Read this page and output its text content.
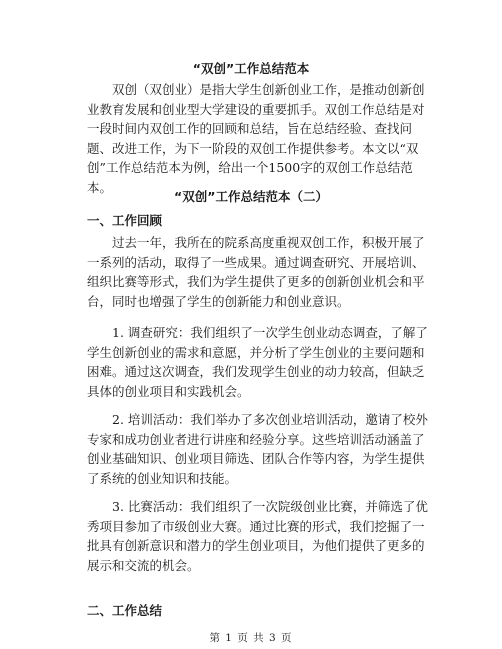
“双创”工作总结范本

双创（双创业）是指大学生创新创业工作，是推动创新创业教育发展和创业型大学建设的重要抓手。双创工作总结是对一段时间内双创工作的回顾和总结，旨在总结经验、查找问题、改进工作，为下一阶段的双创工作提供参考。本文以“双创”工作总结范本为例，给出一个1500字的双创工作总结范本。

“双创”工作总结范本（二）
一、工作回顾

过去一年，我所在的院系高度重视双创工作，积极开展了一系列的活动，取得了一些成果。通过调查研究、开展培训、组织比赛等形式，我们为学生提供了更多的创新创业机会和平台，同时也增强了学生的创新能力和创业意识。

1. 调查研究：我们组织了一次学生创业动态调查，了解了学生创新创业的需求和意愿，并分析了学生创业的主要问题和困难。通过这次调查，我们发现学生创业的动力较高，但缺乏具体的创业项目和实践机会。

2. 培训活动：我们举办了多次创业培训活动，邀请了校外专家和成功创业者进行讲座和经验分享。这些培训活动涵盖了创业基础知识、创业项目筛选、团队合作等内容，为学生提供了系统的创业知识和技能。

3. 比赛活动：我们组织了一次院级创业比赛，并筛选了优秀项目参加了市级创业大赛。通过比赛的形式，我们挖掘了一批具有创新意识和潜力的学生创业项目，为他们提供了更多的展示和交流的机会。

二、工作总结
第 1 页 共 3 页
